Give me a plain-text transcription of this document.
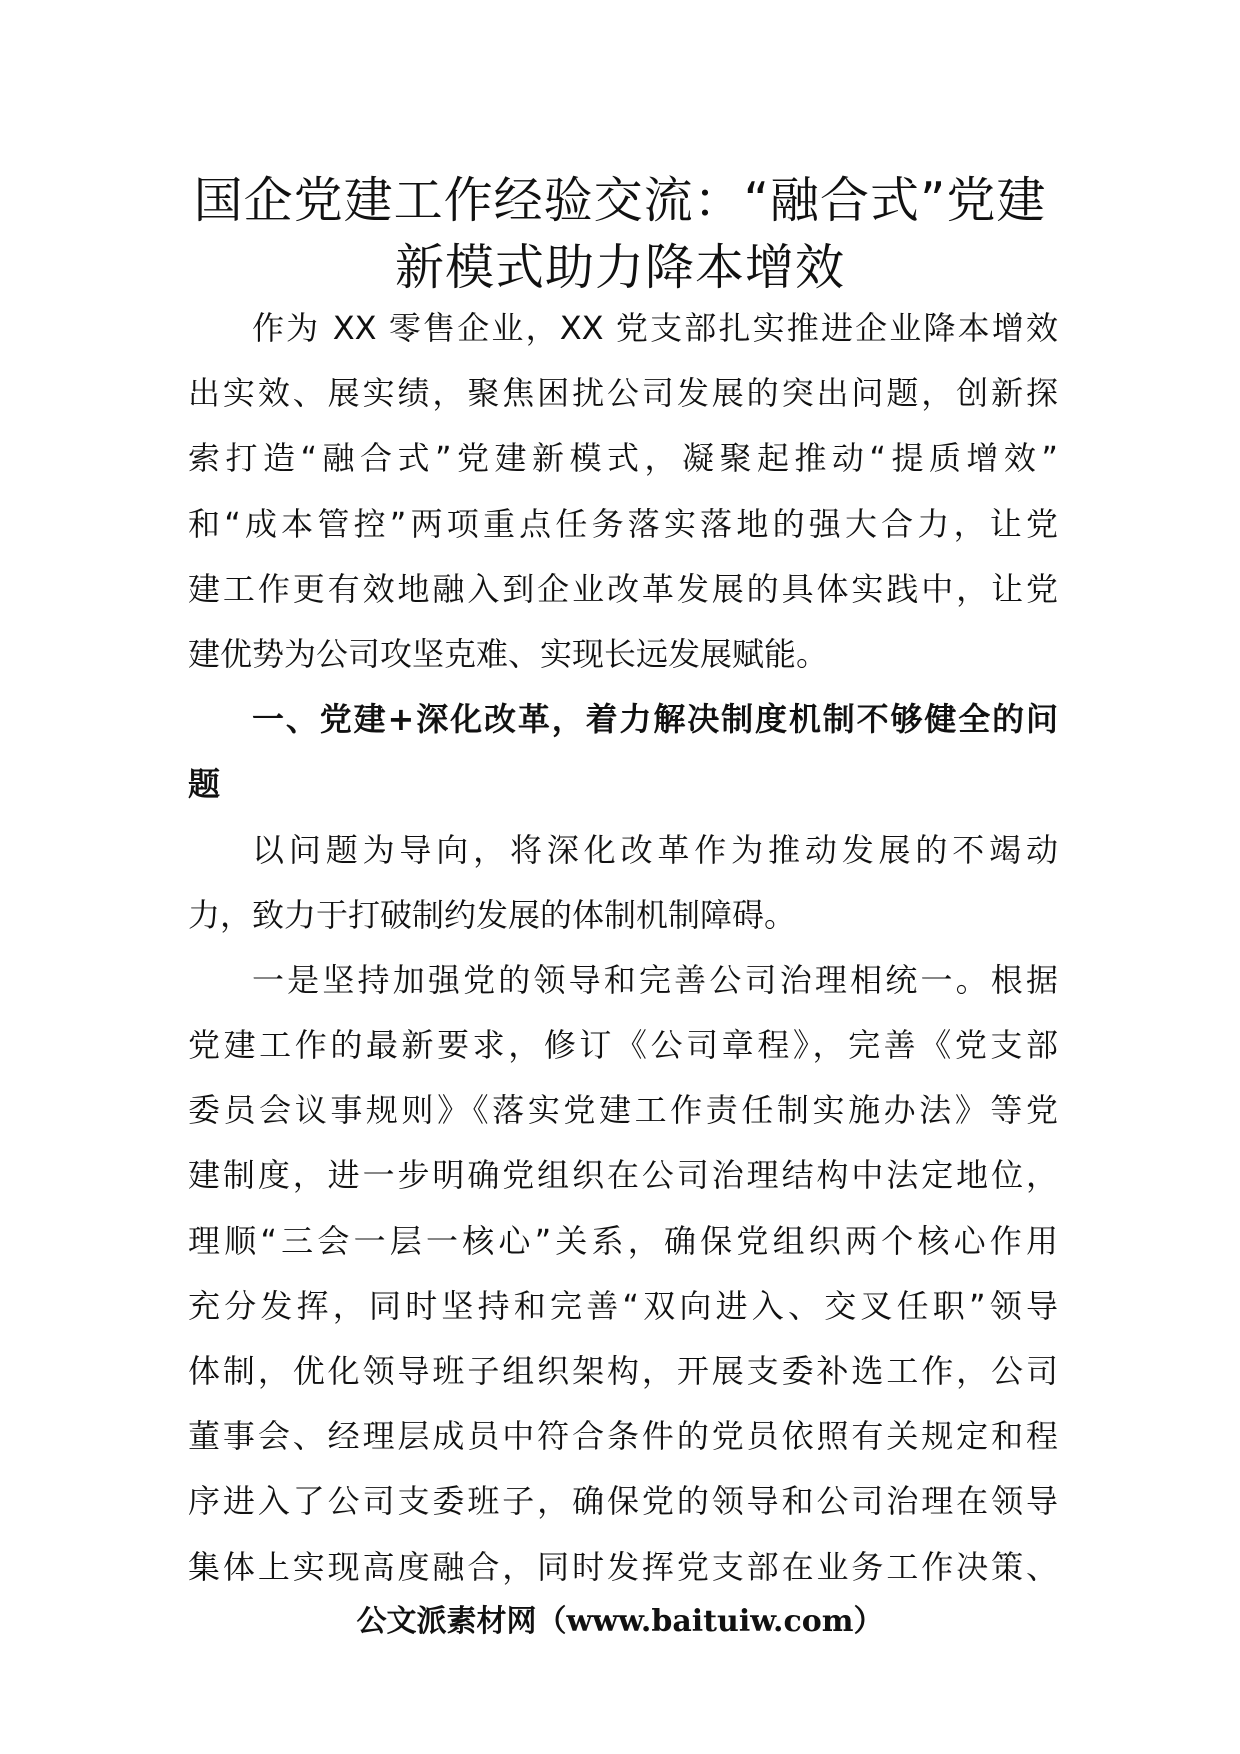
国企党建工作经验交流：“融合式”党建
新模式助力降本增效
作为 XX 零售企业，XX 党支部扎实推进企业降本增效
出实效、展实绩，聚焦困扰公司发展的突出问题，创新探
索打造“融合式”党建新模式，凝聚起推动“提质增效”
和“成本管控”两项重点任务落实落地的强大合力，让党
建工作更有效地融入到企业改革发展的具体实践中，让党
建优势为公司攻坚克难、实现长远发展赋能。
一、党建+深化改革，着力解决制度机制不够健全的问
题
以问题为导向，将深化改革作为推动发展的不竭动
力，致力于打破制约发展的体制机制障碍。
一是坚持加强党的领导和完善公司治理相统一。根据
党建工作的最新要求，修订《公司章程》，完善《党支部
委员会议事规则》《落实党建工作责任制实施办法》等党
建制度，进一步明确党组织在公司治理结构中法定地位，
理顺“三会一层一核心”关系，确保党组织两个核心作用
充分发挥，同时坚持和完善“双向进入、交叉任职”领导
体制，优化领导班子组织架构，开展支委补选工作，公司
董事会、经理层成员中符合条件的党员依照有关规定和程
序进入了公司支委班子，确保党的领导和公司治理在领导
集体上实现高度融合，同时发挥党支部在业务工作决策、
公文派素材网（www.baituiw.com）
